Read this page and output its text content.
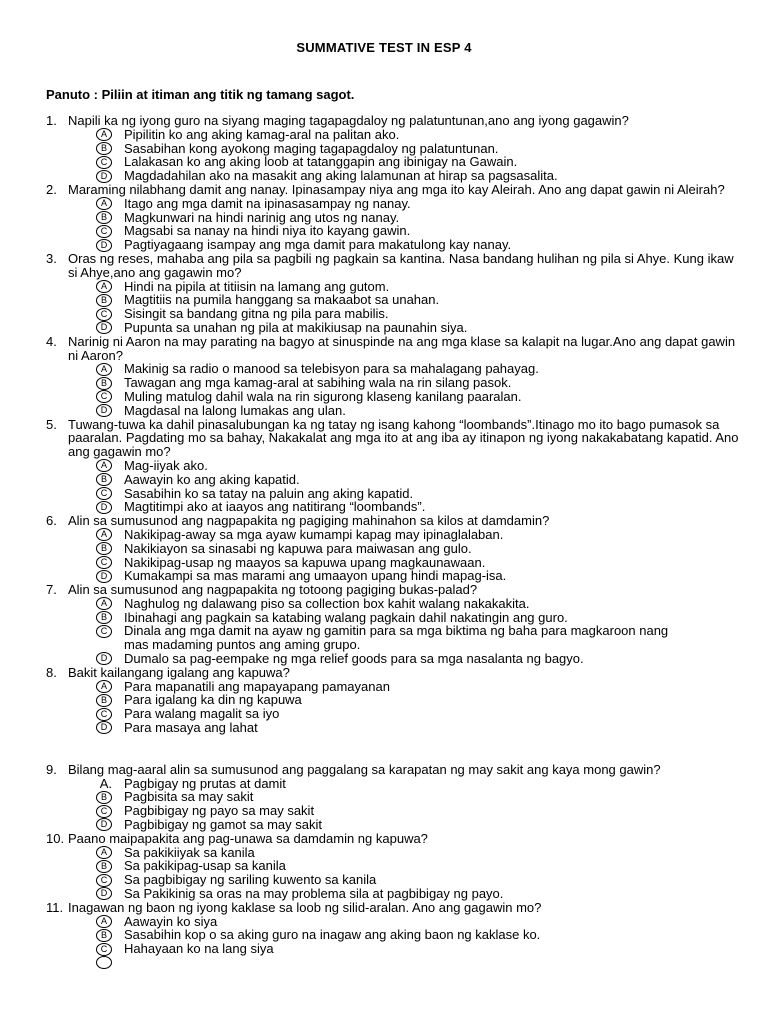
SUMMATIVE TEST IN ESP 4
Panuto : Piliin at itiman ang titik ng tamang sagot.
1. Napili ka ng iyong guro na siyang maging tagapagdaloy ng palatuntunan,ano ang iyong gagawin?
A	Pipilitin ko ang aking kamag-aral na palitan ako.
B	Sasabihan kong ayokong maging tagapagdaloy ng palatuntunan.
C	Lalakasan ko ang aking loob at tatanggapin ang ibinigay na Gawain.
D	Magdadahilan ako na masakit ang aking lalamunan at hirap sa pagsasalita.
2. Maraming nilabhang damit ang nanay. Ipinasampay niya ang mga ito kay Aleirah. Ano ang dapat gawin ni Aleirah?
A	Itago ang mga damit na ipinasasampay ng nanay.
B	Magkunwari na hindi narinig ang utos ng nanay.
C	Magsabi sa nanay na hindi niya ito kayang gawin.
D	Pagtiyagaang isampay ang mga damit para makatulong kay nanay.
3. Oras ng reses, mahaba ang pila sa pagbili ng pagkain sa kantina. Nasa bandang hulihan ng pila si Ahye. Kung ikaw si Ahye,ano ang gagawin mo?
A	Hindi na pipila at titiisin na lamang ang gutom.
B	Magtitiis na pumila hanggang sa makaabot sa unahan.
C	Sisingit sa bandang gitna ng pila para mabilis.
D	Pupunta sa unahan ng pila at makikiusap na paunahin siya.
4. Narinig ni Aaron na may parating na bagyo at sinuspinde na ang mga klase sa kalapit na lugar.Ano ang dapat gawin ni Aaron?
A	Makinig sa radio o manood sa telebisyon para sa mahalagang pahayag.
B	Tawagan ang mga kamag-aral at sabihing wala na rin silang pasok.
C	Muling matulog dahil wala na rin sigurong klaseng kanilang paaralan.
D	Magdasal na lalong lumakas ang ulan.
5. Tuwang-tuwa ka dahil pinasalubungan ka ng tatay ng isang kahong “loombands”.Itinago mo ito bago pumasok sa paaralan. Pagdating mo sa bahay, Nakakalat ang mga ito at ang iba ay itinapon ng iyong nakakabatang kapatid. Ano ang gagawin mo?
A	Mag-iiyak ako.
B	Aawayin ko ang aking kapatid.
C	Sasabihin ko sa tatay na paluin ang aking kapatid.
D	Magtitimpi ako at iaayos ang natitirang “loombands”.
6. Alin sa sumusunod ang nagpapakita ng pagiging mahinahon sa kilos at damdamin?
A	Nakikipag-away sa mga ayaw kumampi kapag may ipinaglalaban.
B	Nakikiayon sa sinasabi ng kapuwa para maiwasan ang gulo.
C	Nakikipag-usap ng maayos sa kapuwa upang magkaunawaan.
D	Kumakampi sa mas marami ang umaayon upang hindi mapag-isa.
7. Alin sa sumusunod ang nagpapakita ng totoong pagiging bukas-palad?
A	Naghulog ng dalawang piso sa collection box kahit walang nakakakita.
B	Ibinahagi ang pagkain sa katabing walang pagkain dahil nakatingin ang guro.
C	Dinala ang mga damit na ayaw ng gamitin para sa mga biktima ng baha para magkaroon nang
mas madaming puntos ang aming grupo.
D	Dumalo sa pag-eempake ng mga relief goods para sa mga nasalanta ng bagyo.
8. Bakit kailangang igalang ang kapuwa?
A	Para mapanatili ang mapayapang pamayanan
B	Para igalang ka din ng kapuwa
C	Para walang magalit sa iyo
D	Para masaya ang lahat
9. Bilang mag-aaral alin sa sumusunod ang paggalang sa karapatan ng may sakit ang kaya mong gawin?
A. Pagbigay ng prutas at damit
B	Pagbisita sa may sakit
C	Pagbibigay ng payo sa may sakit
D	Pagbibigay ng gamot sa may sakit
10. Paano maipapakita ang pag-unawa sa damdamin ng kapuwa?
A	Sa pakikiiyak sa kanila
B	Sa pakikipag-usap sa kanila
C	Sa pagbibigay ng sariling kuwento sa kanila
D	Sa Pakikinig sa oras na may problema sila at pagbibigay ng payo.
11. Inagawan ng baon ng iyong kaklase sa loob ng silid-aralan. Ano ang gagawin mo?
A	Aawayin ko siya
B	Sasabihin kop o sa aking guro na inagaw ang aking baon ng kaklase ko.
C	Hahayaan ko na lang siya
